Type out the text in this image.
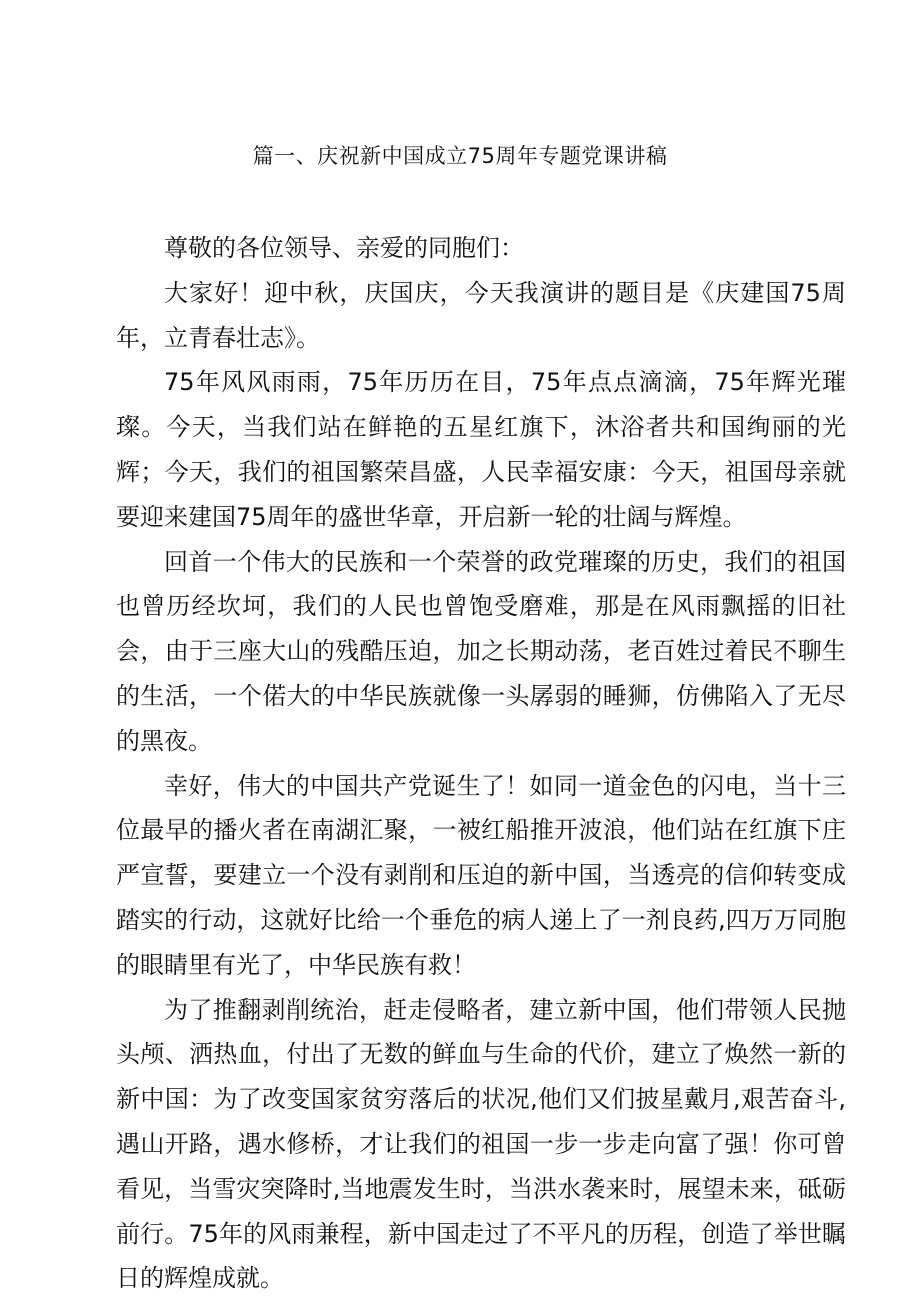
篇一、庆祝新中国成立75周年专题党课讲稿

尊敬的各位领导、亲爱的同胞们：

大家好！迎中秋，庆国庆，今天我演讲的题目是《庆建国75周年，立青春壮志》。

75年风风雨雨，75年历历在目，75年点点滴滴，75年辉光璀璨。今天，当我们站在鲜艳的五星红旗下，沐浴者共和国绚丽的光辉；今天，我们的祖国繁荣昌盛，人民幸福安康：今天，祖国母亲就要迎来建国75周年的盛世华章，开启新一轮的壮阔与辉煌。

回首一个伟大的民族和一个荣誉的政党璀璨的历史，我们的祖国也曾历经坎坷，我们的人民也曾饱受磨难，那是在风雨飘摇的旧社会，由于三座大山的残酷压迫，加之长期动荡，老百姓过着民不聊生的生活，一个偌大的中华民族就像一头孱弱的睡狮，仿佛陷入了无尽的黑夜。

幸好，伟大的中国共产党诞生了！如同一道金色的闪电，当十三位最早的播火者在南湖汇聚，一被红船推开波浪，他们站在红旗下庄严宣誓，要建立一个没有剥削和压迫的新中国，当透亮的信仰转变成踏实的行动，这就好比给一个垂危的病人递上了一剂良药,四万万同胞的眼睛里有光了，中华民族有救！

为了推翻剥削统治，赶走侵略者，建立新中国，他们带领人民抛头颅、洒热血，付出了无数的鲜血与生命的代价，建立了焕然一新的新中国：为了改变国家贫穷落后的状况,他们又们披星戴月,艰苦奋斗,遇山开路，遇水修桥，才让我们的祖国一步一步走向富了强！你可曾看见，当雪灾突降时,当地震发生时，当洪水袭来时，展望未来，砥砺前行。75年的风雨兼程，新中国走过了不平凡的历程，创造了举世瞩日的辉煌成就。
